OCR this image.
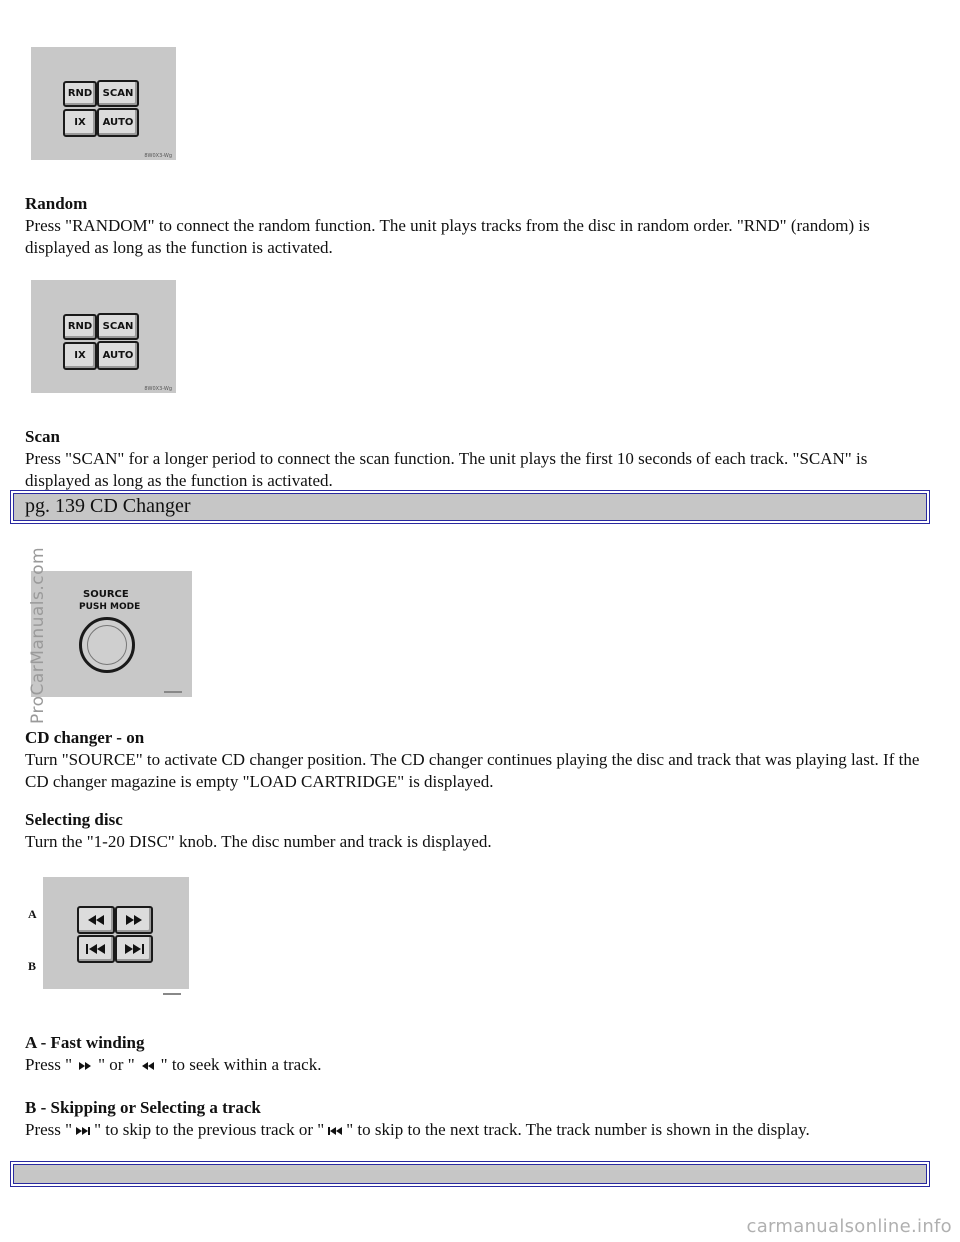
RND	SCAN
IX	AUTO
8W0X3-Wg
Random
Press "RANDOM" to connect the random function. The unit plays tracks from the disc in random order. "RND" (random) is displayed as long as the function is activated.
RND	SCAN
IX	AUTO
8W0X3-Wg
Scan
Press "SCAN" for a longer period to connect the scan function. The unit plays the first 10 seconds of each track. "SCAN" is displayed as long as the function is activated.
pg. 139 CD Changer
SOURCE
PUSH MODE
CD changer - on
Turn "SOURCE" to activate CD changer position. The CD changer continues playing the disc and track that was playing last. If the CD changer magazine is empty "LOAD CARTRIDGE" is displayed.
Selecting disc
Turn the "1-20 DISC" knob. The disc number and track is displayed.
A
B
A - Fast winding
Press " " or " " to seek within a track.
B - Skipping or Selecting a track
Press " " to skip to the previous track or " " to skip to the next track. The track number is shown in the display.
ProCarManuals.com
carmanualsonline.info
